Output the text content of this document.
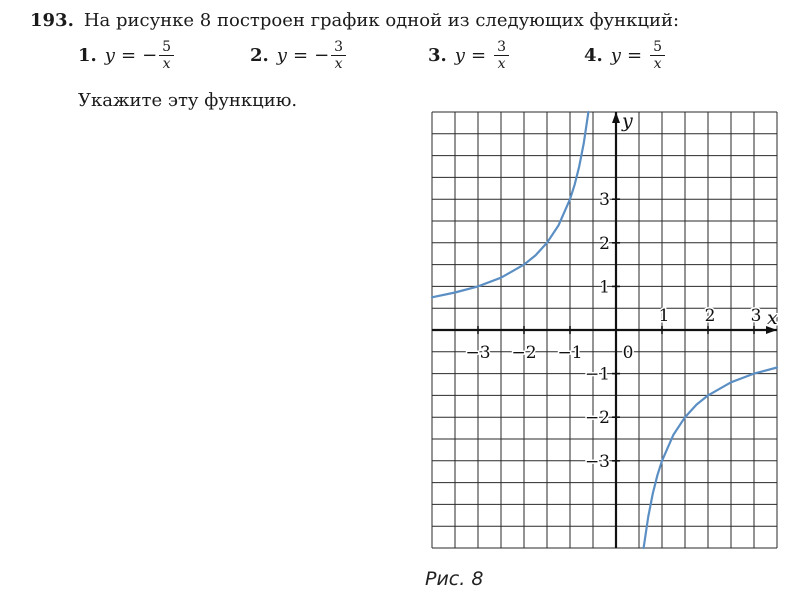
193. На рисунке 8 построен график одной из следующих функций:
1. y = − $\frac{5}{x}$	2. y = − $\frac{3}{x}$	3. $y = \frac{3}{x}$	4. $y = \frac{5}{x}$
Укажите эту функцию.
−3 −2 −1 0
1 2 3
3
2
1
−1
−2
−3
x
y
Рис. 8
